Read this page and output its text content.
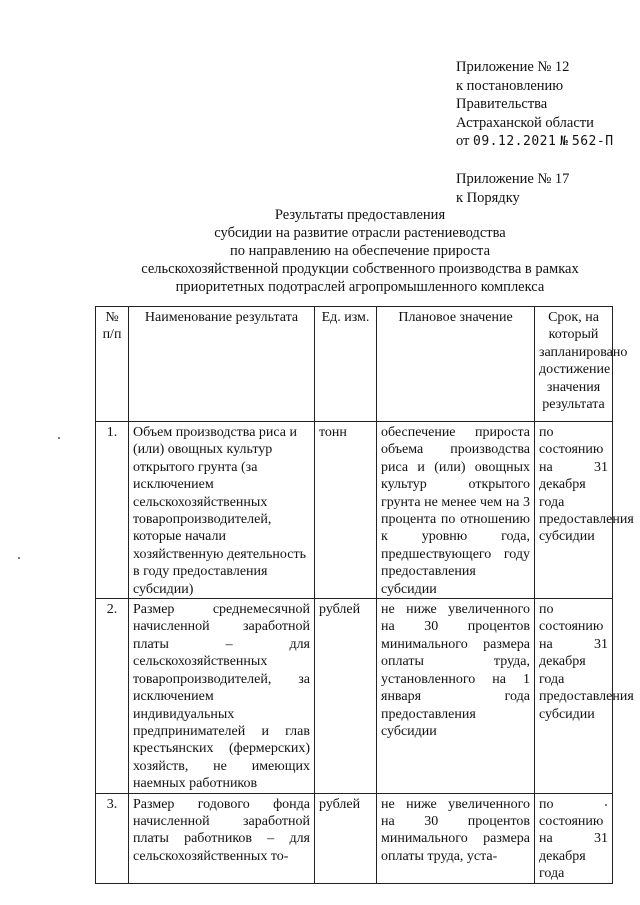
Приложение № 12
к постановлению
Правительства
Астраханской области
от 09.12.2021 № 562-П
Приложение № 17
к Порядку
Результаты предоставления
субсидии на развитие отрасли растениеводства
по направлению на обеспечение прироста
сельскохозяйственной продукции собственного производства в рамках
приоритетных подотраслей агропромышленного комплекса
№ п/п	Наименование результата	Ед. изм.	Плановое значение	Срок, на который запланировано достижение значения результата
1.	Объем производства риса и (или) овощных культур открытого грунта (за исключением сельскохозяйственных товаропроизводителей, которые начали хозяйственную деятельность в году предоставления субсидии)	тонн	обеспечение прироста объема производства риса и (или) овощных культур открытого грунта не менее чем на 3 процента по отношению к уровню года, предшествующего году предоставления субсидии	по состоянию на 31 декабря года предоставления субсидии
2.	Размер среднемесячной начисленной заработной платы – для сельскохозяйственных товаропроизводителей, за исключением индивидуальных предпринимателей и глав крестьянских (фермерских) хозяйств, не имеющих наемных работников	рублей	не ниже увеличенного на 30 процентов минимального размера оплаты труда, установленного на 1 января года предоставления субсидии	по состоянию на 31 декабря года предоставления субсидии
3.	Размер годового фонда начисленной заработной платы работников – для сельскохозяйственных то-	рублей	не ниже увеличенного на 30 процентов минимального размера оплаты труда, уста-	по состоянию на 31 декабря года
